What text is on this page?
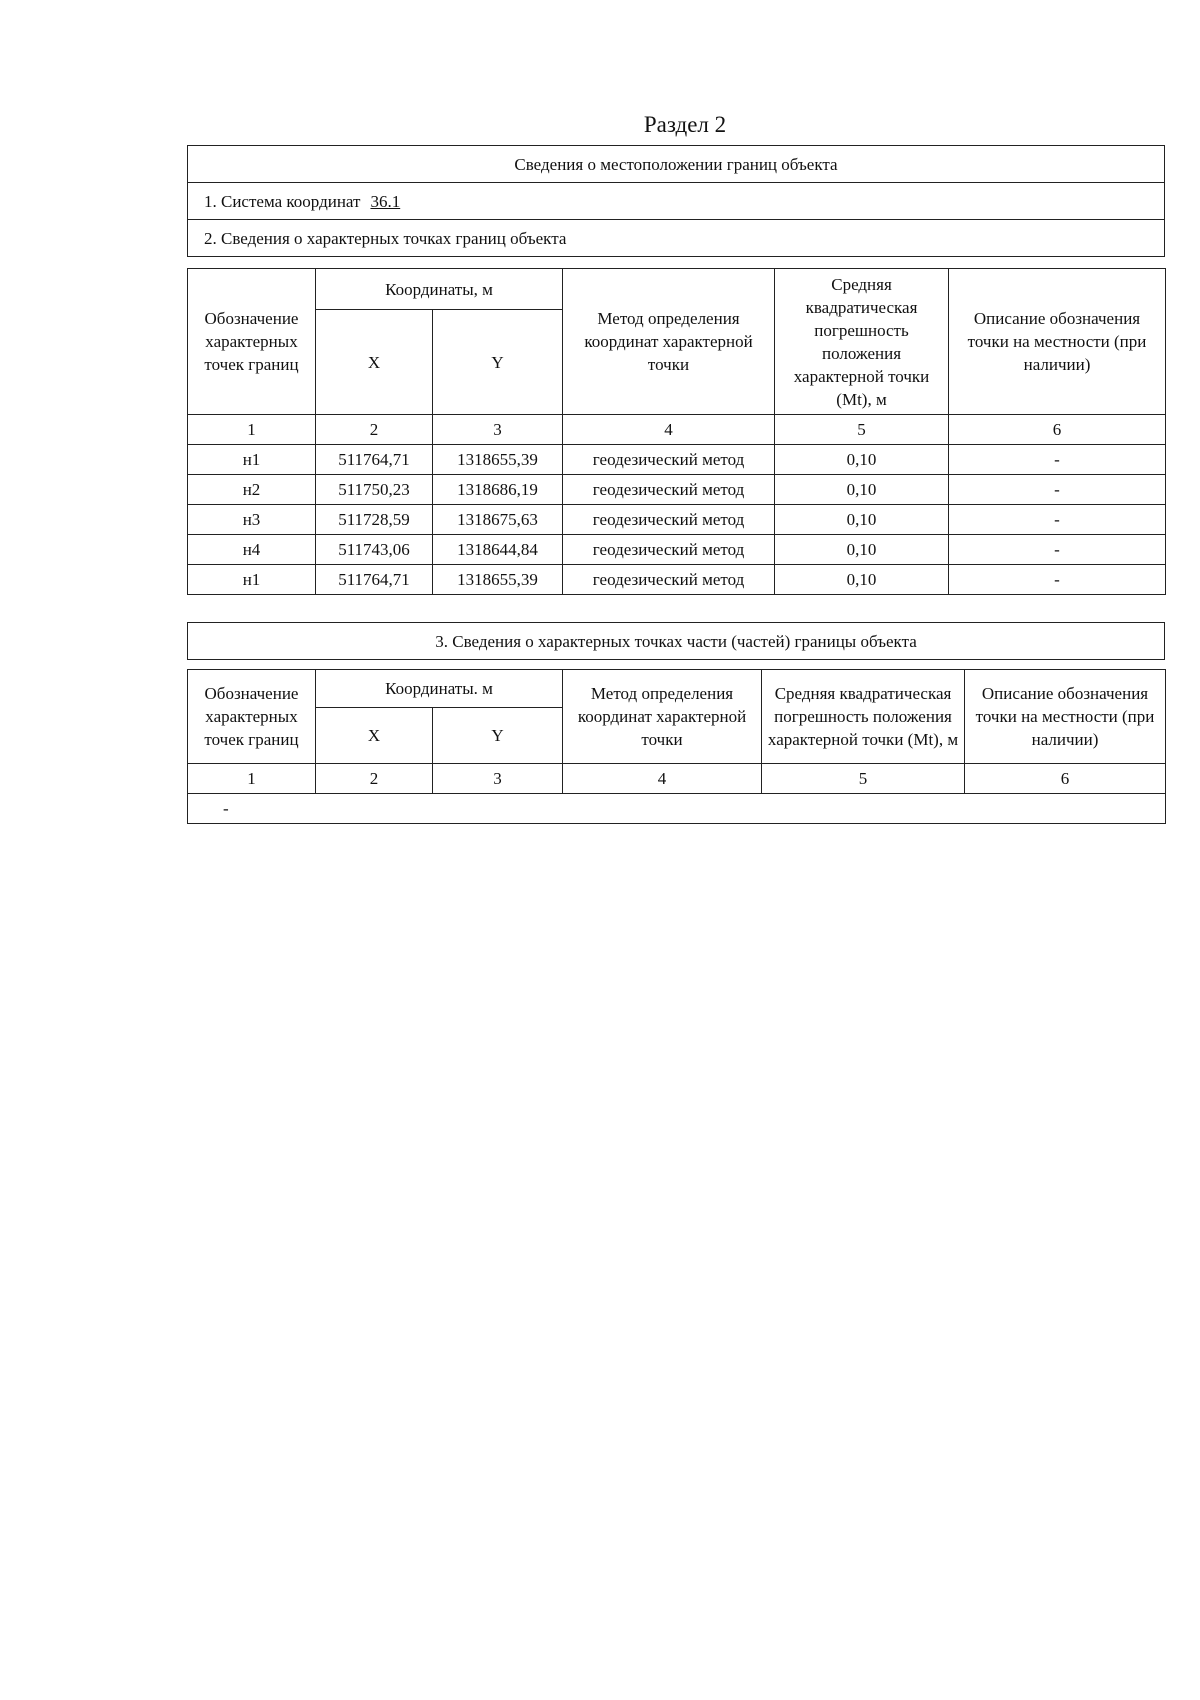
Раздел 2
Сведения о местоположении границ объекта
1. Система координат 36.1
2. Сведения о характерных точках границ объекта
Обозначение характерных точек границ	Координаты, м		Метод определения координат характерной точки	Средняя квадратическая погрешность положения характерной точки (Mt), м	Описание обозначения точки на местности (при наличии)
	X	Y			
1	2	3	4	5	6
н1	511764,71	1318655,39	геодезический метод	0,10	-
н2	511750,23	1318686,19	геодезический метод	0,10	-
н3	511728,59	1318675,63	геодезический метод	0,10	-
н4	511743,06	1318644,84	геодезический метод	0,10	-
н1	511764,71	1318655,39	геодезический метод	0,10	-
3. Сведения о характерных точках части (частей) границы объекта
Обозначение характерных точек границ	Координаты. м		Метод определения координат характерной точки	Средняя квадратическая погрешность положения характерной точки (Mt), м	Описание обозначения точки на местности (при наличии)
	X	Y			
1	2	3	4	5	6
-					
